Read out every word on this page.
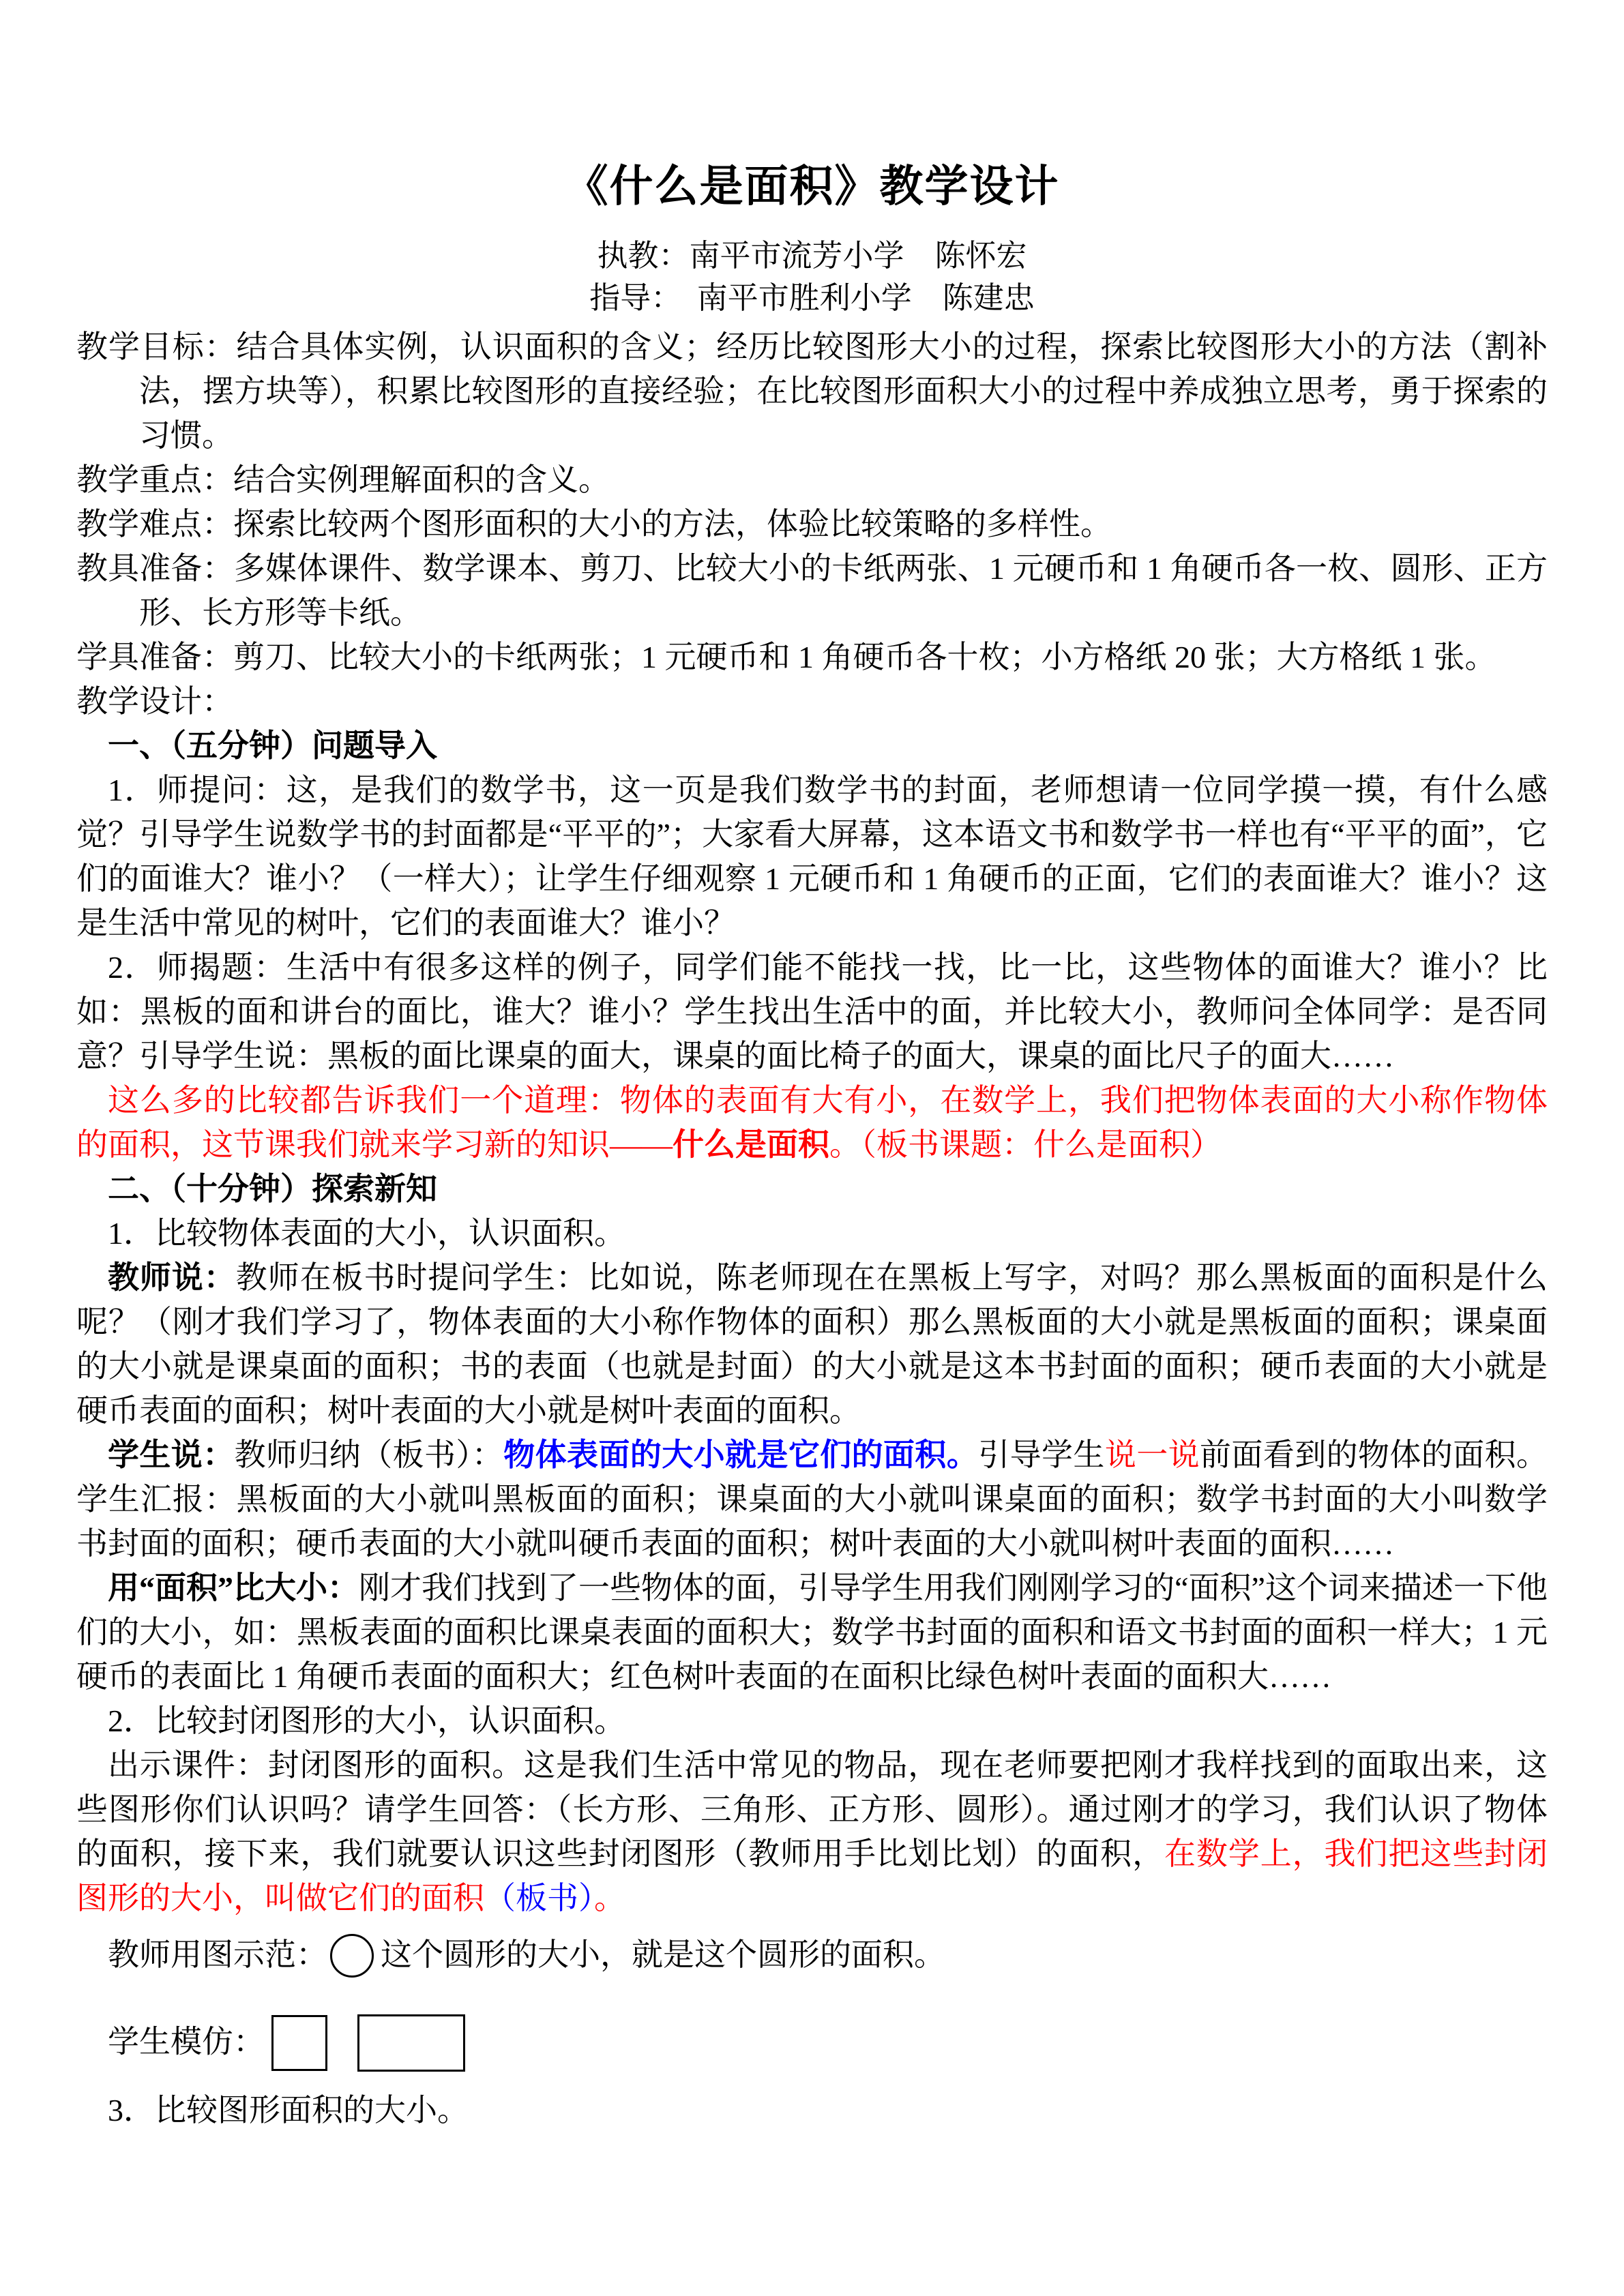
《什么是面积》教学设计

执教：南平市流芳小学　陈怀宏

指导：　南平市胜利小学　陈建忠

教学目标：结合具体实例，认识面积的含义；经历比较图形大小的过程，探索比较图形大小的方法（割补法，摆方块等），积累比较图形的直接经验；在比较图形面积大小的过程中养成独立思考，勇于探索的习惯。

教学重点：结合实例理解面积的含义。

教学难点：探索比较两个图形面积的大小的方法，体验比较策略的多样性。

教具准备：多媒体课件、数学课本、剪刀、比较大小的卡纸两张、1 元硬币和 1 角硬币各一枚、圆形、正方形、长方形等卡纸。

学具准备：剪刀、比较大小的卡纸两张；1 元硬币和 1 角硬币各十枚；小方格纸 20 张；大方格纸 1 张。

教学设计：

一、（五分钟）问题导入

1．师提问：这，是我们的数学书，这一页是我们数学书的封面，老师想请一位同学摸一摸，有什么感觉？引导学生说数学书的封面都是“平平的”；大家看大屏幕，这本语文书和数学书一样也有“平平的面”，它们的面谁大？谁小？（一样大）；让学生仔细观察 1 元硬币和 1 角硬币的正面，它们的表面谁大？谁小？这是生活中常见的树叶，它们的表面谁大？谁小？

2．师揭题：生活中有很多这样的例子，同学们能不能找一找，比一比，这些物体的面谁大？谁小？比如：黑板的面和讲台的面比，谁大？谁小？学生找出生活中的面，并比较大小，教师问全体同学：是否同意？引导学生说：黑板的面比课桌的面大，课桌的面比椅子的面大，课桌的面比尺子的面大……

这么多的比较都告诉我们一个道理：物体的表面有大有小，在数学上，我们把物体表面的大小称作物体的面积，这节课我们就来学习新的知识——什么是面积。（板书课题：什么是面积）

二、（十分钟）探索新知

1．比较物体表面的大小，认识面积。

教师说：教师在板书时提问学生：比如说，陈老师现在在黑板上写字，对吗？那么黑板面的面积是什么呢？（刚才我们学习了，物体表面的大小称作物体的面积）那么黑板面的大小就是黑板面的面积；课桌面的大小就是课桌面的面积；书的表面（也就是封面）的大小就是这本书封面的面积；硬币表面的大小就是硬币表面的面积；树叶表面的大小就是树叶表面的面积。

学生说：教师归纳（板书）：物体表面的大小就是它们的面积。引导学生说一说前面看到的物体的面积。学生汇报：黑板面的大小就叫黑板面的面积；课桌面的大小就叫课桌面的面积；数学书封面的大小叫数学书封面的面积；硬币表面的大小就叫硬币表面的面积；树叶表面的大小就叫树叶表面的面积……

用“面积”比大小：刚才我们找到了一些物体的面，引导学生用我们刚刚学习的“面积”这个词来描述一下他们的大小，如：黑板表面的面积比课桌表面的面积大；数学书封面的面积和语文书封面的面积一样大；1 元硬币的表面比 1 角硬币表面的面积大；红色树叶表面的在面积比绿色树叶表面的面积大……

2．比较封闭图形的大小，认识面积。

出示课件：封闭图形的面积。这是我们生活中常见的物品，现在老师要把刚才我样找到的面取出来，这些图形你们认识吗？请学生回答：（长方形、三角形、正方形、圆形）。通过刚才的学习，我们认识了物体的面积，接下来，我们就要认识这些封闭图形（教师用手比划比划）的面积，在数学上，我们把这些封闭图形的大小，叫做它们的面积（板书）。

教师用图示范： 这个圆形的大小，就是这个圆形的面积。

学生模仿：

3．比较图形面积的大小。
